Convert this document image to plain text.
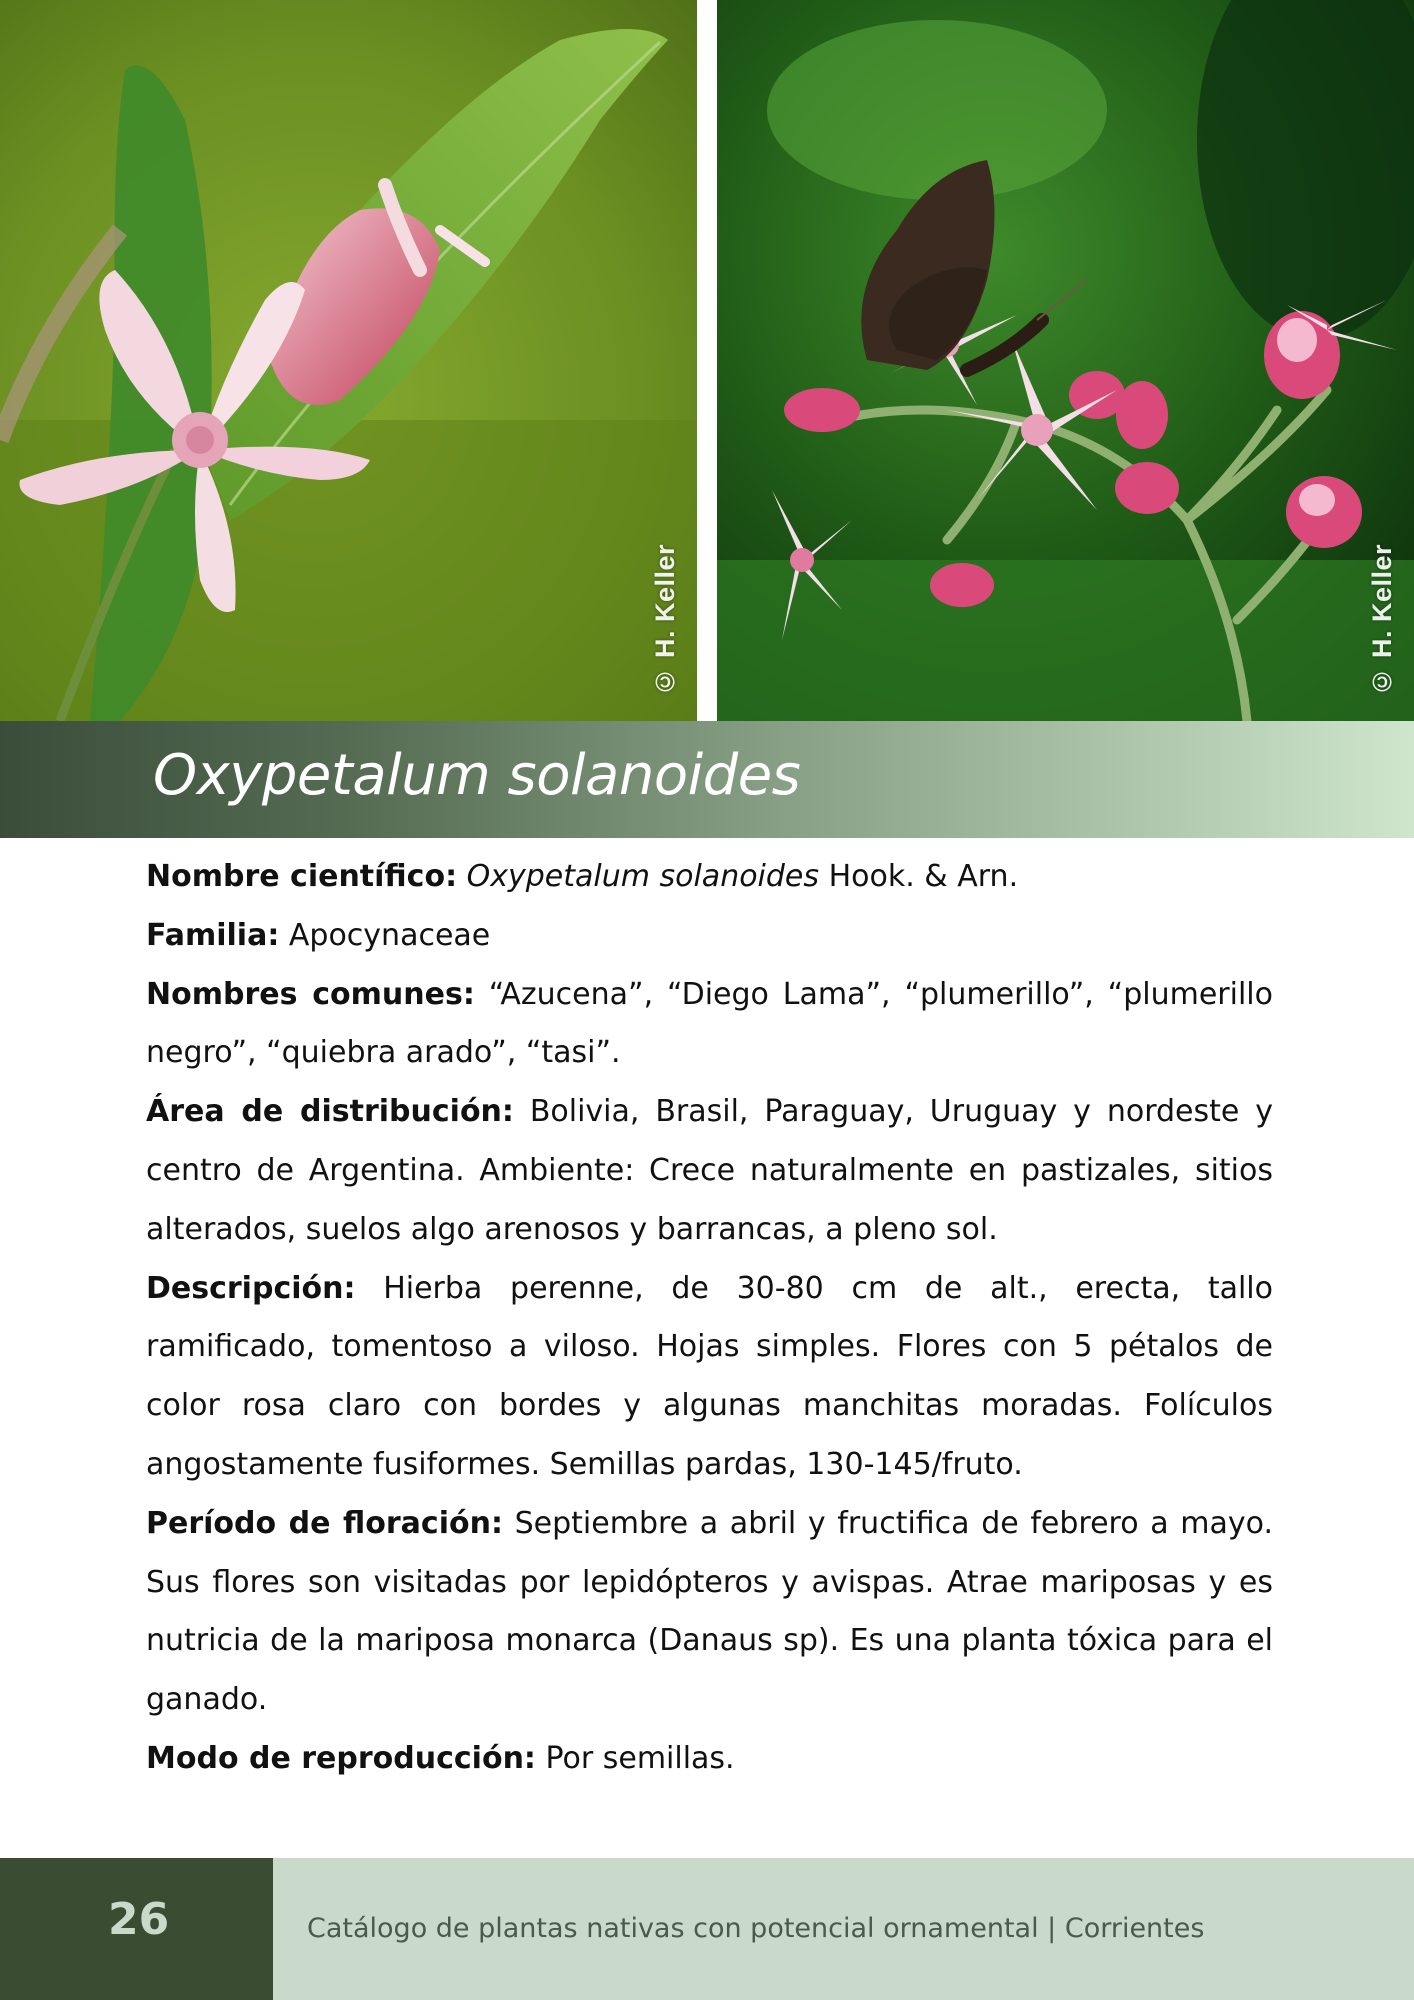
© H. Keller	© H. Keller
Oxypetalum solanoides

Nombre científico: Oxypetalum solanoides Hook. & Arn.

Familia: Apocynaceae

Nombres comunes: “Azucena”, “Diego Lama”, “plumerillo”, “plumerillo negro”, “quiebra arado”, “tasi”.

Área de distribución: Bolivia, Brasil, Paraguay, Uruguay y nordeste y centro de Argentina. Ambiente: Crece naturalmente en pastizales, sitios alterados, suelos algo arenosos y barrancas, a pleno sol.

Descripción: Hierba perenne, de 30-80 cm de alt., erecta, tallo ramificado, tomentoso a viloso. Hojas simples. Flores con 5 pétalos de color rosa claro con bordes y algunas manchitas moradas. Folículos angostamente fusiformes. Semillas pardas, 130-145/fruto.

Período de floración: Septiembre a abril y fructifica de febrero a mayo. Sus flores son visitadas por lepidópteros y avispas. Atrae mariposas y es nutricia de la mariposa monarca (Danaus sp). Es una planta tóxica para el ganado.

Modo de reproducción: Por semillas.

26	Catálogo de plantas nativas con potencial ornamental | Corrientes
